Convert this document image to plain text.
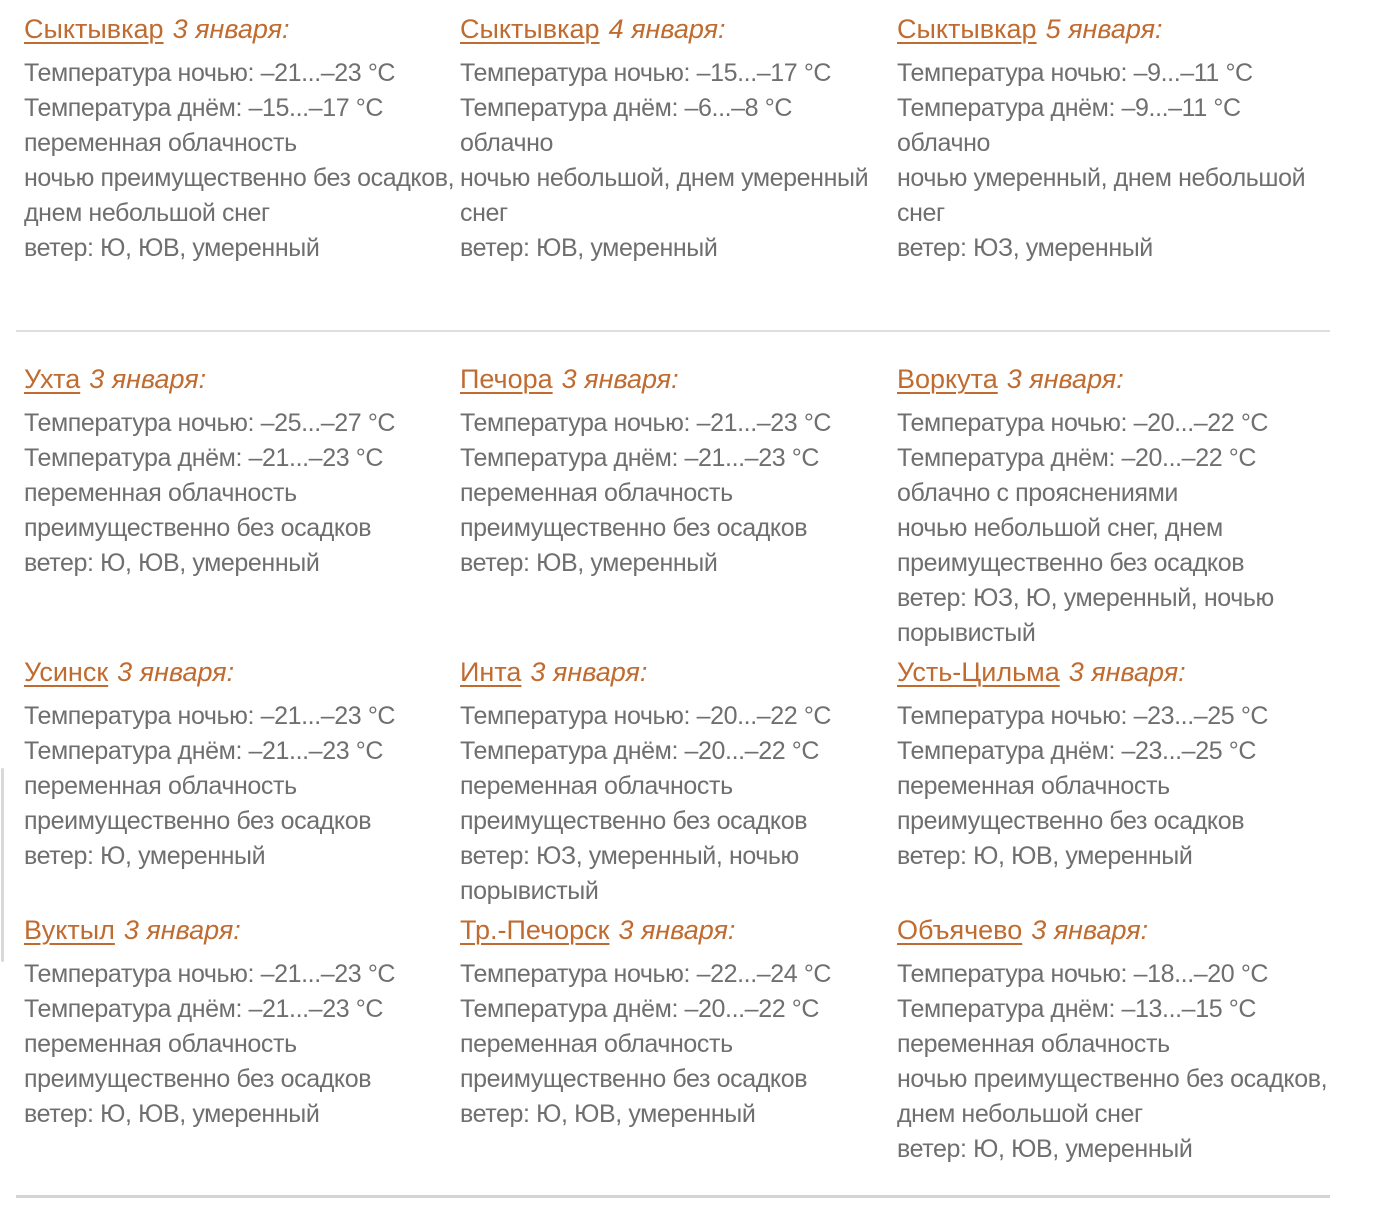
Сыктывкар 3 января:
Температура ночью: –21...–23 °C
Температура днём: –15...–17 °C
переменная облачность
ночью преимущественно без осадков,
днем небольшой снег
ветер: Ю, ЮВ, умеренный
Сыктывкар 4 января:
Температура ночью: –15...–17 °C
Температура днём: –6...–8 °C
облачно
ночью небольшой, днем умеренный
снег
ветер: ЮВ, умеренный
Сыктывкар 5 января:
Температура ночью: –9...–11 °C
Температура днём: –9...–11 °C
облачно
ночью умеренный, днем небольшой
снег
ветер: ЮЗ, умеренный
Ухта 3 января:
Температура ночью: –25...–27 °C
Температура днём: –21...–23 °C
переменная облачность
преимущественно без осадков
ветер: Ю, ЮВ, умеренный
Печора 3 января:
Температура ночью: –21...–23 °C
Температура днём: –21...–23 °C
переменная облачность
преимущественно без осадков
ветер: ЮВ, умеренный
Воркута 3 января:
Температура ночью: –20...–22 °C
Температура днём: –20...–22 °C
облачно с прояснениями
ночью небольшой снег, днем
преимущественно без осадков
ветер: ЮЗ, Ю, умеренный, ночью
порывистый
Усинск 3 января:
Температура ночью: –21...–23 °C
Температура днём: –21...–23 °C
переменная облачность
преимущественно без осадков
ветер: Ю, умеренный
Инта 3 января:
Температура ночью: –20...–22 °C
Температура днём: –20...–22 °C
переменная облачность
преимущественно без осадков
ветер: ЮЗ, умеренный, ночью
порывистый
Усть-Цильма 3 января:
Температура ночью: –23...–25 °C
Температура днём: –23...–25 °C
переменная облачность
преимущественно без осадков
ветер: Ю, ЮВ, умеренный
Вуктыл 3 января:
Температура ночью: –21...–23 °C
Температура днём: –21...–23 °C
переменная облачность
преимущественно без осадков
ветер: Ю, ЮВ, умеренный
Тр.-Печорск 3 января:
Температура ночью: –22...–24 °C
Температура днём: –20...–22 °C
переменная облачность
преимущественно без осадков
ветер: Ю, ЮВ, умеренный
Объячево 3 января:
Температура ночью: –18...–20 °C
Температура днём: –13...–15 °C
переменная облачность
ночью преимущественно без осадков,
днем небольшой снег
ветер: Ю, ЮВ, умеренный
